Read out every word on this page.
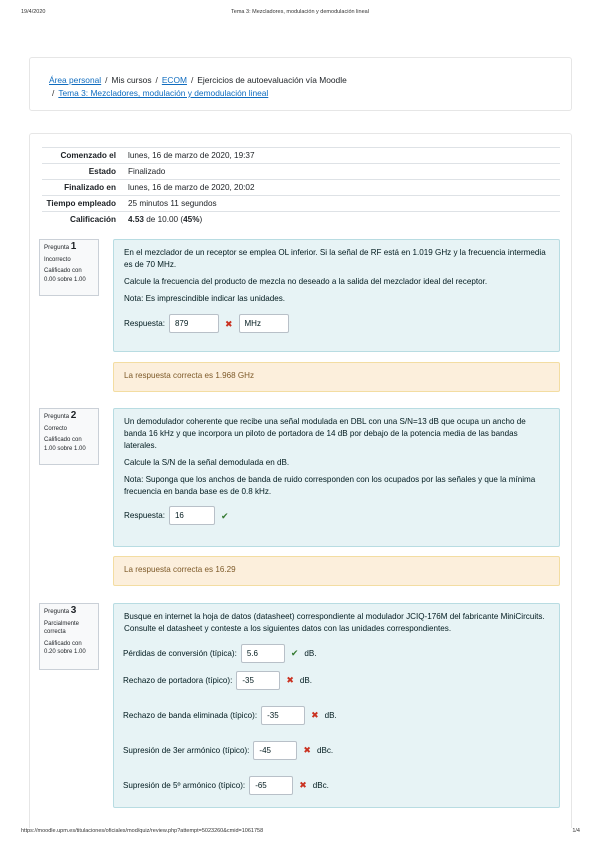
19/4/2020	Tema 3: Mezcladores, modulación y demodulación lineal
Área personal / Mis cursos / ECOM / Ejercicios de autoevaluación vía Moodle
/ Tema 3: Mezcladores, modulación y demodulación lineal
Comenzado el	lunes, 16 de marzo de 2020, 19:37
Estado	Finalizado
Finalizado en	lunes, 16 de marzo de 2020, 20:02
Tiempo empleado	25 minutos 11 segundos
Calificación	4.53 de 10.00 (45%)
Pregunta 1
Incorrecto
Calificado con 0.00 sobre 1.00

En el mezclador de un receptor se emplea OL inferior. Si la señal de RF está en 1.019 GHz y la frecuencia intermedia es de 70 MHz.

Calcule la frecuencia del producto de mezcla no deseado a la salida del mezclador ideal del receptor.

Nota: Es imprescindible indicar las unidades.

Respuesta:	879	✖	MHz
La respuesta correcta es 1.968 GHz
Pregunta 2
Correcto
Calificado con 1.00 sobre 1.00

Un demodulador coherente que recibe una señal modulada en DBL con una S/N=13 dB que ocupa un ancho de banda 16 kHz y que incorpora un piloto de portadora de 14 dB por debajo de la potencia media de las bandas laterales.

Calcule la S/N de la señal demodulada en dB.

Nota: Suponga que los anchos de banda de ruido corresponden con los ocupados por las señales y que la mínima frecuencia en banda base es de 0.8 kHz.

Respuesta:	16	✔
La respuesta correcta es 16.29
Pregunta 3
Parcialmente correcta
Calificado con 0.20 sobre 1.00

Busque en internet la hoja de datos (datasheet) correspondiente al modulador JCIQ-176M del fabricante MiniCircuits. Consulte el datasheet y conteste a los siguientes datos con las unidades correspondientes.

Pérdidas de conversión (típica):	5.6	✔ dB.
Rechazo de portadora (típico):	-35	✖ dB.
Rechazo de banda eliminada (típico):	-35	✖ dB.
Supresión de 3er armónico (típico):	-45	✖ dBc.
Supresión de 5º armónico (típico):	-65	✖ dBc.
https://moodle.upm.es/titulaciones/oficiales/mod/quiz/review.php?attempt=5023260&cmid=1061758	1/4
